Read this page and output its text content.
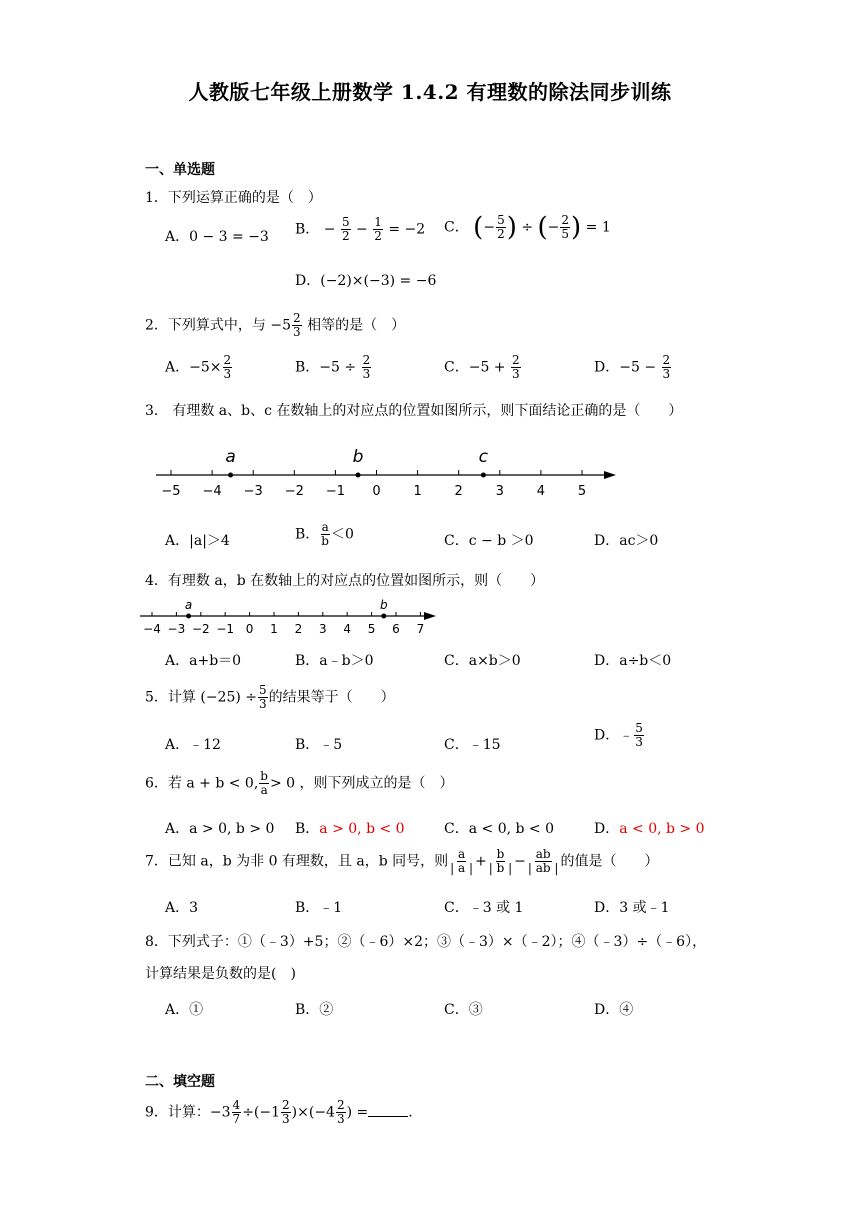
人教版七年级上册数学 1.4.2 有理数的除法同步训练
一、单选题
1．下列运算正确的是（　）
A．0 − 3 = −3 B． − $\frac{5}{2} - \frac{1}{2} = -2$ C． (− $\frac{5}{2}$ ) ÷ (− $\frac{2}{5}$ ) = 1
D．(−2)×(−3) = −6
2．下列算式中，与 $-5 \frac{2}{3}$ 相等的是（　）
A．$-5\times \frac{2}{3}$	B．$-5 \div \frac{2}{3}$	C．$-5 + \frac{2}{3}$	D．$-5 - \frac{2}{3}$
3． 有理数 a、b、c 在数轴上的对应点的位置如图所示，则下面结论正确的是（　　）
−5 −4 −3 −2 −1 0	1	2	3	4	5
a	b	c
A．|a|＞4	B． $\frac{a}{b} <0$	C．c − b ＞0	D．ac＞0
4．有理数 a，b 在数轴上的对应点的位置如图所示，则（　　）
−4 −3 −2 −1 0 1 2 3 4 5 6 7
a	b
A．a+b＝0	B．a﹣b＞0	C．a×b＞0	D．a÷b＜0
5．计算 $(-25) \div \frac{5}{3}$ 的结果等于（　　）
A．﹣12	B．﹣5	C．﹣15
D．﹣ $\frac{5}{3}$
6．若 a + b < 0, $\frac{b}{a} > 0$ ，则下列成立的是（　）
A．a > 0, b > 0 B．a > 0, b < 0	C．a < 0, b < 0	D．a < 0, b > 0
7．已知 a，b 为非 0 有理数，且 a，b 同号，则 $\frac{a}{| a |} + \frac{b}{| b |} - \frac{ab}{| ab |}$ 的值是（　　）
A．3	B．﹣1	C．﹣3 或 1	D．3 或﹣1
8．下列式子：①（﹣3）+5；②（﹣6）×2；③（﹣3）×（﹣2）；④（﹣3）÷（﹣6），
计算结果是负数的是(　)
A．①	B．②	C．③	D．④
二、填空题
9．计算：$-3 \frac{4}{7} \div(-1 \frac{2}{3} )\times(-4 \frac{2}{3}$ ) =	.
